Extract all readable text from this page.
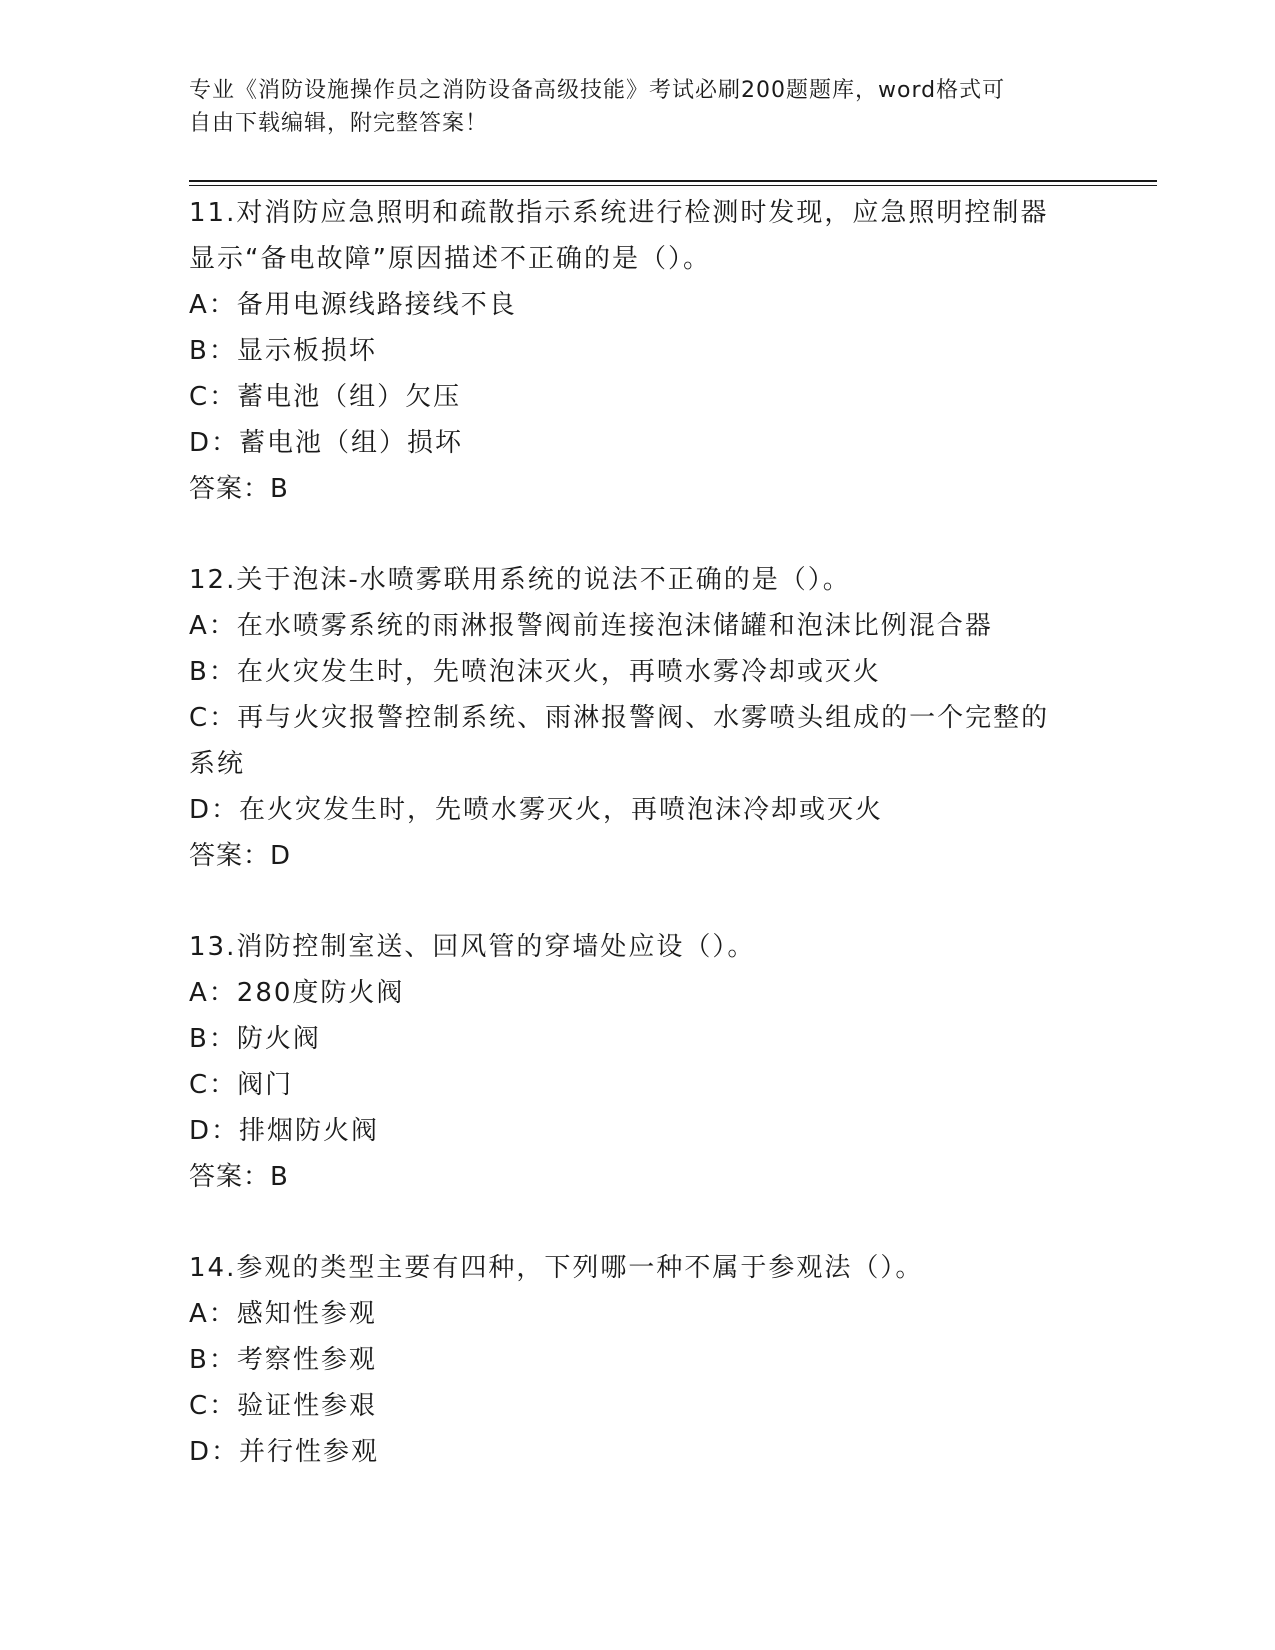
专业《消防设施操作员之消防设备高级技能》考试必刷200题题库，word格式可
自由下载编辑，附完整答案！
11.对消防应急照明和疏散指示系统进行检测时发现，应急照明控制器
显示“备电故障”原因描述不正确的是（）。
A：备用电源线路接线不良
B：显示板损坏
C：蓄电池（组）欠压
D：蓄电池（组）损坏
答案：B
12.关于泡沫-水喷雾联用系统的说法不正确的是（）。
A：在水喷雾系统的雨淋报警阀前连接泡沫储罐和泡沫比例混合器
B：在火灾发生时，先喷泡沫灭火，再喷水雾冷却或灭火
C：再与火灾报警控制系统、雨淋报警阀、水雾喷头组成的一个完整的
系统
D：在火灾发生时，先喷水雾灭火，再喷泡沫冷却或灭火
答案：D
13.消防控制室送、回风管的穿墙处应设（）。
A：280度防火阀
B：防火阀
C：阀门
D：排烟防火阀
答案：B
14.参观的类型主要有四种，下列哪一种不属于参观法（）。
A：感知性参观
B：考察性参观
C：验证性参艰
D：并行性参观
